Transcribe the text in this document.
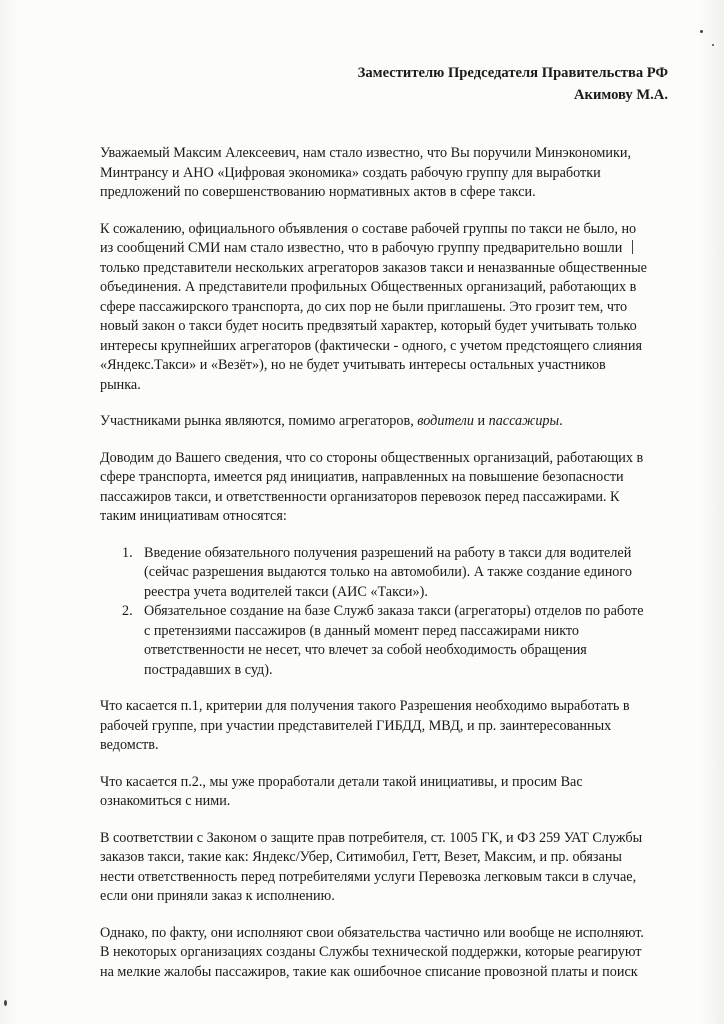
Заместителю Председателя Правительства РФ
Акимову М.А.

Уважаемый Максим Алексеевич, нам стало известно, что Вы поручили Минэкономики,
Минтрансу и АНО «Цифровая экономика» создать рабочую группу для выработки
предложений по совершенствованию нормативных актов в сфере такси.

К сожалению, официального объявления о составе рабочей группы по такси не было, но
из сообщений СМИ нам стало известно, что в рабочую группу предварительно вошли
только представители нескольких агрегаторов заказов такси и неназванные общественные
объединения. А представители профильных Общественных организаций, работающих в
сфере пассажирского транспорта, до сих пор не были приглашены. Это грозит тем, что
новый закон о такси будет носить предвзятый характер, который будет учитывать только
интересы крупнейших агрегаторов (фактически - одного, с учетом предстоящего слияния
«Яндекс.Такси» и «Везёт»), но не будет учитывать интересы остальных участников
рынка.

Участниками рынка являются, помимо агрегаторов, водители и пассажиры.

Доводим до Вашего сведения, что со стороны общественных организаций, работающих в
сфере транспорта, имеется ряд инициатив, направленных на повышение безопасности
пассажиров такси, и ответственности организаторов перевозок перед пассажирами. К
таким инициативам относятся:

1. Введение обязательного получения разрешений на работу в такси для водителей
(сейчас разрешения выдаются только на автомобили). А также создание единого
реестра учета водителей такси (АИС «Такси»).
2. Обязательное создание на базе Служб заказа такси (агрегаторы) отделов по работе
с претензиями пассажиров (в данный момент перед пассажирами никто
ответственности не несет, что влечет за собой необходимость обращения
пострадавших в суд).

Что касается п.1, критерии для получения такого Разрешения необходимо выработать в
рабочей группе, при участии представителей ГИБДД, МВД, и пр. заинтересованных
ведомств.

Что касается п.2., мы уже проработали детали такой инициативы, и просим Вас
ознакомиться с ними.

В соответствии с Законом о защите прав потребителя, ст. 1005 ГК, и ФЗ 259 УАТ Службы
заказов такси, такие как: Яндекс/Убер, Ситимобил, Гетт, Везет, Максим, и пр. обязаны
нести ответственность перед потребителями услуги Перевозка легковым такси в случае,
если они приняли заказ к исполнению.

Однако, по факту, они исполняют свои обязательства частично или вообще не исполняют.
В некоторых организациях созданы Службы технической поддержки, которые реагируют
на мелкие жалобы пассажиров, такие как ошибочное списание провозной платы и поиск
